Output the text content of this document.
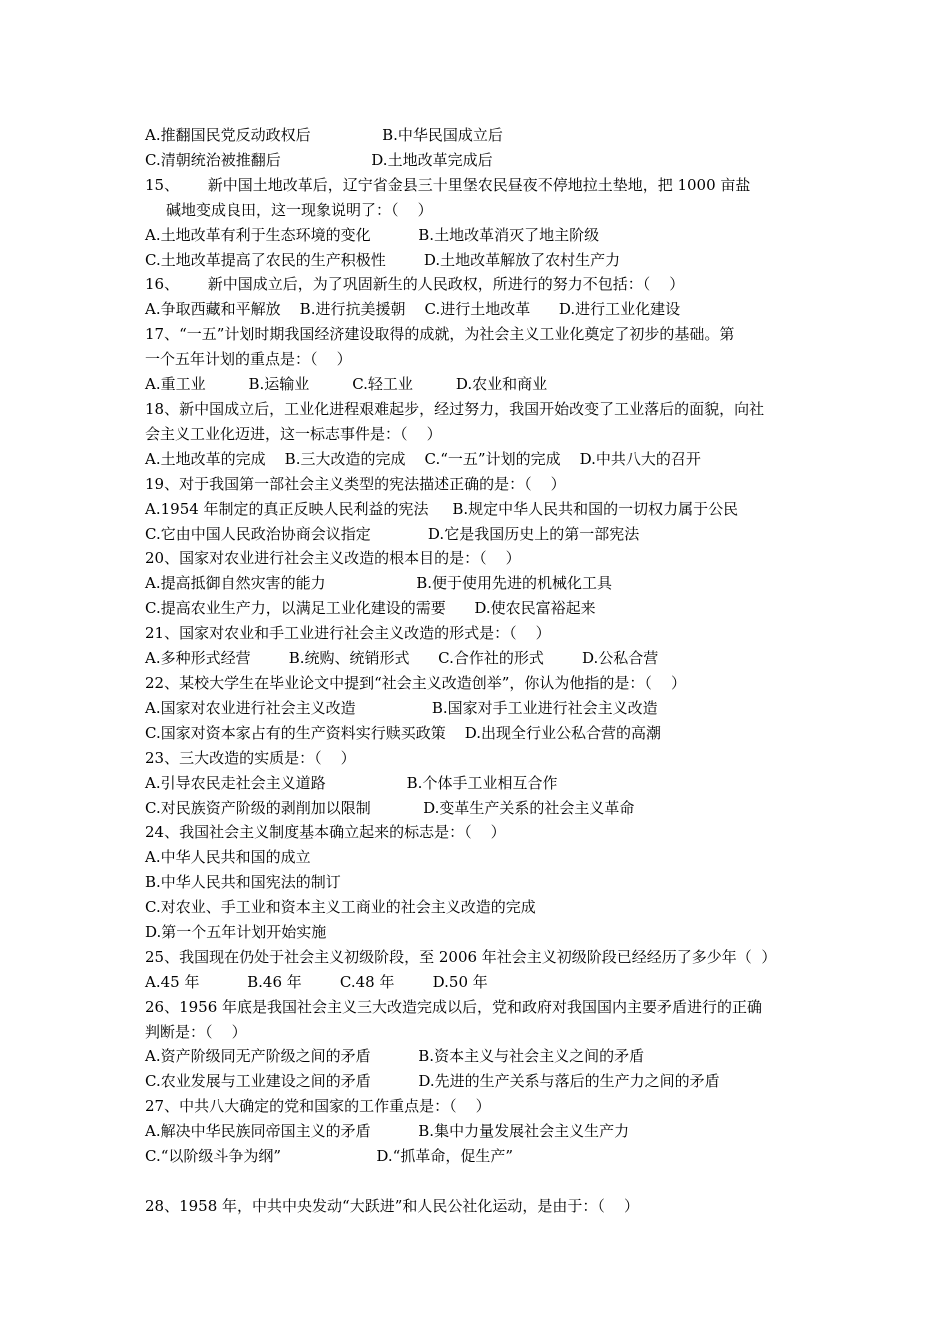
A.推翻国民党反动政权后               B.中华民国成立后
C.清朝统治被推翻后                   D.土地改革完成后
15、      新中国土地改革后，辽宁省金县三十里堡农民昼夜不停地拉土垫地，把 1000 亩盐
碱地变成良田，这一现象说明了：（    ）
A.土地改革有利于生态环境的变化          B.土地改革消灭了地主阶级
C.土地改革提高了农民的生产积极性        D.土地改革解放了农村生产力
16、      新中国成立后，为了巩固新生的人民政权，所进行的努力不包括：（    ）
A.争取西藏和平解放    B.进行抗美援朝    C.进行土地改革      D.进行工业化建设
17、“一五”计划时期我国经济建设取得的成就，为社会主义工业化奠定了初步的基础。第
一个五年计划的重点是：（    ）
A.重工业         B.运输业         C.轻工业         D.农业和商业
18、新中国成立后，工业化进程艰难起步，经过努力，我国开始改变了工业落后的面貌，向社
会主义工业化迈进，这一标志事件是：（    ）
A.土地改革的完成    B.三大改造的完成    C.“一五”计划的完成    D.中共八大的召开
19、对于我国第一部社会主义类型的宪法描述正确的是：（    ）
A.1954 年制定的真正反映人民利益的宪法     B.规定中华人民共和国的一切权力属于公民
C.它由中国人民政治协商会议指定            D.它是我国历史上的第一部宪法
20、国家对农业进行社会主义改造的根本目的是：（    ）
A.提高抵御自然灾害的能力                   B.便于使用先进的机械化工具
C.提高农业生产力，以满足工业化建设的需要      D.使农民富裕起来
21、国家对农业和手工业进行社会主义改造的形式是：（    ）
A.多种形式经营        B.统购、统销形式      C.合作社的形式        D.公私合营
22、某校大学生在毕业论文中提到“社会主义改造创举”，你认为他指的是：（    ）
A.国家对农业进行社会主义改造                B.国家对手工业进行社会主义改造
C.国家对资本家占有的生产资料实行赎买政策    D.出现全行业公私合营的高潮
23、三大改造的实质是：（    ）
A.引导农民走社会主义道路                 B.个体手工业相互合作
C.对民族资产阶级的剥削加以限制           D.变革生产关系的社会主义革命
24、我国社会主义制度基本确立起来的标志是：（    ）
A.中华人民共和国的成立
B.中华人民共和国宪法的制订
C.对农业、手工业和资本主义工商业的社会主义改造的完成
D.第一个五年计划开始实施
25、我国现在仍处于社会主义初级阶段，至 2006 年社会主义初级阶段已经经历了多少年（  ）
A.45 年          B.46 年        C.48 年        D.50 年
26、1956 年底是我国社会主义三大改造完成以后，党和政府对我国国内主要矛盾进行的正确
判断是：（    ）
A.资产阶级同无产阶级之间的矛盾          B.资本主义与社会主义之间的矛盾
C.农业发展与工业建设之间的矛盾          D.先进的生产关系与落后的生产力之间的矛盾
27、中共八大确定的党和国家的工作重点是：（    ）
A.解决中华民族同帝国主义的矛盾          B.集中力量发展社会主义生产力
C.“以阶级斗争为纲”                    D.“抓革命，促生产”
28、1958 年，中共中央发动“大跃进”和人民公社化运动，是由于：（    ）
